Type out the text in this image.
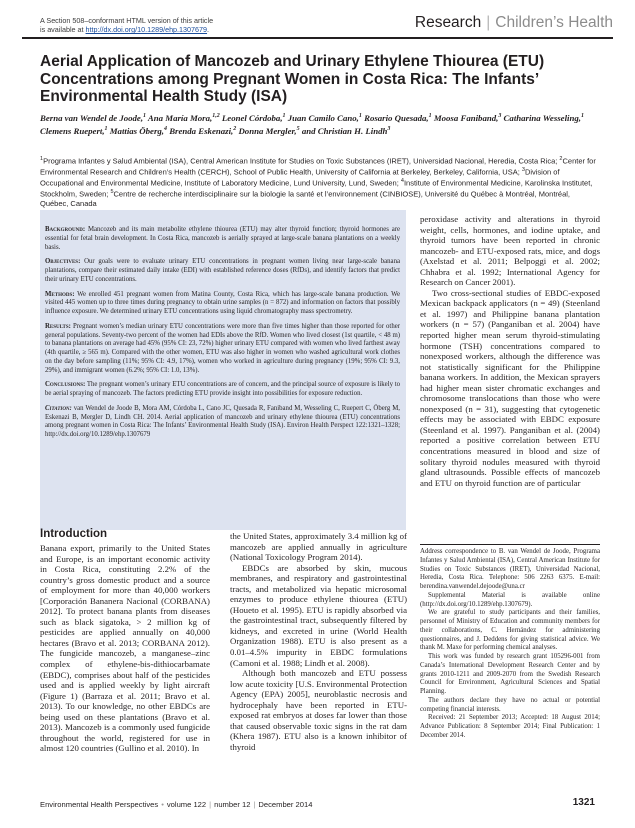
A Section 508–conformant HTML version of this article
is available at http://dx.doi.org/10.1289/ehp.1307679.	Research | Children’s Health
Aerial Application of Mancozeb and Urinary Ethylene Thiourea (ETU) Concentrations among Pregnant Women in Costa Rica: The Infants’ Environmental Health Study (ISA)
Berna van Wendel de Joode,$^1$ Ana María Mora,$^{1,2}$ Leonel Córdoba,$^1$ Juan Camilo Cano,$^1$ Rosario Quesada,$^1$ Moosa Faniband,$^3$ Catharina Wesseling,$^1$ Clemens Ruepert,$^1$ Mattias Öberg,$^4$ Brenda Eskenazi,$^2$ Donna Mergler,$^5$ and Christian H. Lindh$^3$
$^1$Programa Infantes y Salud Ambiental (ISA), Central American Institute for Studies on Toxic Substances (IRET), Universidad Nacional, Heredia, Costa Rica; $^2$Center for Environmental Research and Children’s Health (CERCH), School of Public Health, University of California at Berkeley, Berkeley, California, USA; $^3$Division of Occupational and Environmental Medicine, Institute of Laboratory Medicine, Lund University, Lund, Sweden; $^4$Institute of Environmental Medicine, Karolinska Institutet, Stockholm, Sweden; $^5$Centre de recherche interdisciplinaire sur la biologie la santé et l’environnement (CINBIOSE), Université du Québec à Montréal, Montréal, Québec, Canada

Background: Mancozeb and its main metabolite ethylene thiourea (ETU) may alter thyroid function; thyroid hormones are essential for fetal brain development. In Costa Rica, mancozeb is aerially sprayed at large-scale banana plantations on a weekly basis.

Objectives: Our goals were to evaluate urinary ETU concentrations in pregnant women living near large-scale banana plantations, compare their estimated daily intake (EDI) with established reference doses (RfDs), and identify factors that predict their urinary ETU concentrations.

Methods: We enrolled 451 pregnant women from Matina County, Costa Rica, which has large-scale banana production. We visited 445 women up to three times during pregnancy to obtain urine samples (n = 872) and information on factors that possibly influence exposure. We determined urinary ETU concentrations using liquid chromatography mass spectrometry.

Results: Pregnant women’s median urinary ETU concentrations were more than five times higher than those reported for other general populations. Seventy-two percent of the women had EDIs above the RfD. Women who lived closest (1st quartile, < 48 m) to banana plantations on average had 45% (95% CI: 23, 72%) higher urinary ETU compared with women who lived farthest away (4th quartile, ≥ 565 m). Compared with the other women, ETU was also higher in women who washed agricultural work clothes on the day before sampling (11%; 95% CI: 4.9, 17%), women who worked in agriculture during pregnancy (19%; 95% CI: 9.3, 29%), and immigrant women (6.2%; 95% CI: 1.0, 13%).

Conclusions: The pregnant women’s urinary ETU concentrations are of concern, and the principal source of exposure is likely to be aerial spraying of mancozeb. The factors predicting ETU provide insight into possibilities for exposure reduction.

Citation: van Wendel de Joode B, Mora AM, Córdoba L, Cano JC, Quesada R, Faniband M, Wesseling C, Ruepert C, Öberg M, Eskenazi B, Mergler D, Lindh CH. 2014. Aerial application of mancozeb and urinary ethylene thiourea (ETU) concentrations among pregnant women in Costa Rica: The Infants’ Environmental Health Study (ISA). Environ Health Perspect 122:1321–1328; http://dx.doi.org/10.1289/ehp.1307679

peroxidase activity and alterations in thyroid weight, cells, hormones, and iodine uptake, and thyroid tumors have been reported in chronic mancozeb- and ETU-exposed rats, mice, and dogs (Axelstad et al. 2011; Belpoggi et al. 2002; Chhabra et al. 1992; International Agency for Research on Cancer 2001).

Two cross-sectional studies of EBDC-exposed Mexican backpack applicators (n = 49) (Steenland et al. 1997) and Philippine banana plantation workers (n = 57) (Panganiban et al. 2004) have reported higher mean serum thyroid-stimulating hormone (TSH) concentrations compared to nonexposed workers, although the difference was not statistically significant for the Philippine banana workers. In addition, the Mexican sprayers had higher mean sister chromatic exchanges and chromosome translocations than those who were nonexposed (n = 31), suggesting that cytogenetic effects may be associated with EBDC exposure (Steenland et al. 1997). Panganiban et al. (2004) reported a positive correlation between ETU concentrations measured in blood and size of solitary thyroid nodules measured with thyroid gland ultrasounds. Possible effects of mancozeb and ETU on thyroid function are of particular

Introduction

Banana export, primarily to the United States and Europe, is an important economic activity in Costa Rica, constituting 2.2% of the country’s gross domestic product and a source of employment for more than 40,000 workers [Corporación Bananera Nacional (CORBANA) 2012]. To protect banana plants from diseases such as black sigatoka, > 2 million kg of pesticides are applied annually on 40,000 hectares (Bravo et al. 2013; CORBANA 2012). The fungicide mancozeb, a manganese–zinc complex of ethylene-bis-dithiocarbamate (EBDC), comprises about half of the pesticides used and is applied weekly by light aircraft (Figure 1) (Barraza et al. 2011; Bravo et al. 2013). To our knowledge, no other EBDCs are being used on these plantations (Bravo et al. 2013). Mancozeb is a commonly used fungicide throughout the world, registered for use in almost 120 countries (Gullino et al. 2010). In

the United States, approximately 3.4 million kg of mancozeb are applied annually in agriculture (National Toxicology Program 2014).

EBDCs are absorbed by skin, mucous membranes, and respiratory and gastrointestinal tracts, and metabolized via hepatic microsomal enzymes to produce ethylene thiourea (ETU) (Houeto et al. 1995). ETU is rapidly absorbed via the gastrointestinal tract, subsequently filtered by kidneys, and excreted in urine (World Health Organization 1988). ETU is also present as a 0.01–4.5% impurity in EBDC formulations (Camoni et al. 1988; Lindh et al. 2008).

Although both mancozeb and ETU possess low acute toxicity [U.S. Environmental Protection Agency (EPA) 2005], neuroblastic necrosis and hydrocephaly have been reported in ETU-exposed rat embryos at doses far lower than those that caused observable toxic signs in the rat dam (Khera 1987). ETU also is a known inhibitor of thyroid

Address correspondence to B. van Wendel de Joode, Programa Infantes y Salud Ambiental (ISA), Central American Institute for Studies on Toxic Substances (IRET), Universidad Nacional, Heredia, Costa Rica. Telephone: 506 2263 6375. E-mail: berendina.vanwendel.dejoode@una.cr

Supplemental Material is available online (http://dx.doi.org/10.1289/ehp.1307679).

We are grateful to study participants and their families, personnel of Ministry of Education and community members for their collaborations, C. Hernández for administering questionnaires, and J. Deddens for giving statistical advice. We thank M. Maxe for performing chemical analyses.

This work was funded by research grant 105296-001 from Canada’s International Development Research Center and by grants 2010-1211 and 2009-2070 from the Swedish Research Council for Environment, Agricultural Sciences and Spatial Planning.

The authors declare they have no actual or potential competing financial interests.

Received: 21 September 2013; Accepted: 18 August 2014; Advance Publication: 8 September 2014; Final Publication: 1 December 2014.

Environmental Health Perspectives • volume 122 | number 12 | December 2014	1321
